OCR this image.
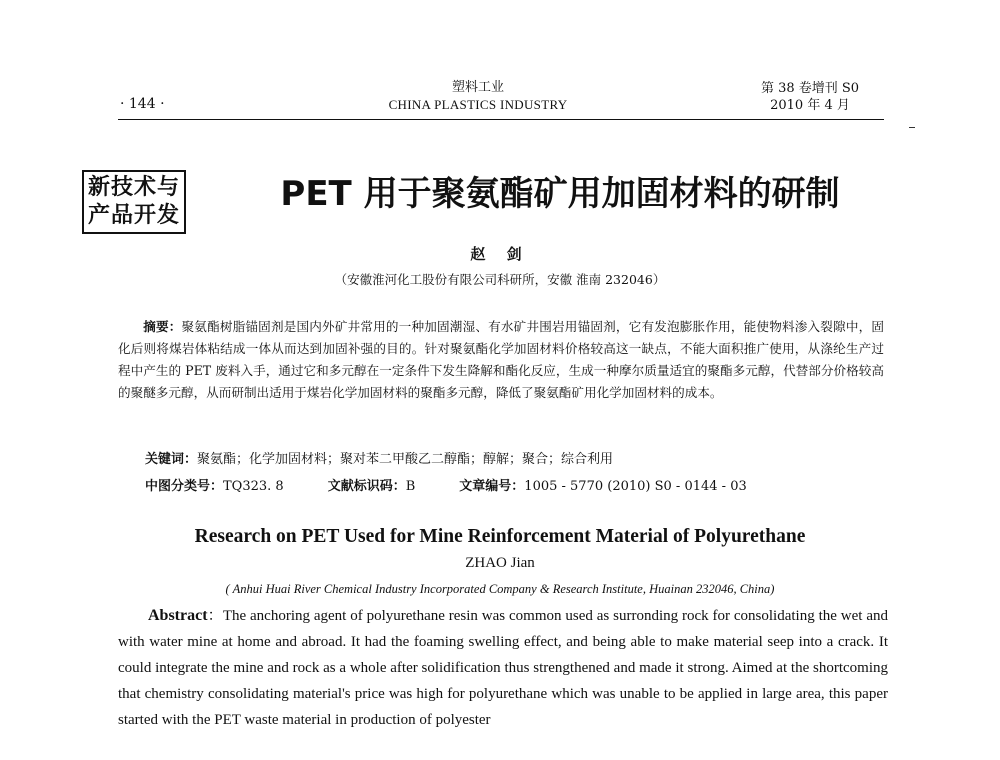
· 144 ·
塑料工业
CHINA PLASTICS INDUSTRY
第 38 卷增刊 S0
2010 年 4 月
新技术与
产品开发
PET 用于聚氨酯矿用加固材料的研制
赵 剑
（安徽淮河化工股份有限公司科研所，安徽 淮南 232046）

摘要：聚氨酯树脂锚固剂是国内外矿井常用的一种加固潮湿、有水矿井围岩用锚固剂，它有发泡膨胀作用，能使物料渗入裂隙中，固化后则将煤岩体粘结成一体从而达到加固补强的目的。针对聚氨酯化学加固材料价格较高这一缺点，不能大面积推广使用，从涤纶生产过程中产生的 PET 废料入手，通过它和多元醇在一定条件下发生降解和酯化反应，生成一种摩尔质量适宜的聚酯多元醇，代替部分价格较高的聚醚多元醇，从而研制出适用于煤岩化学加固材料的聚酯多元醇，降低了聚氨酯矿用化学加固材料的成本。

关键词：聚氨酯；化学加固材料；聚对苯二甲酸乙二醇酯；醇解；聚合；综合利用
中图分类号：TQ323. 8	文献标识码：B	文章编号：1005 - 5770 (2010) S0 - 0144 - 03
Research on PET Used for Mine Reinforcement Material of Polyurethane
ZHAO Jian
( Anhui Huai River Chemical Industry Incorporated Company & Research Institute, Huainan 232046, China)

Abstract：The anchoring agent of polyurethane resin was common used as surronding rock for consolidating the wet and with water mine at home and abroad. It had the foaming swelling effect, and being able to make material seep into a crack. It could integrate the mine and rock as a whole after solidification thus strengthened and made it strong. Aimed at the shortcoming that chemistry consolidating material's price was high for polyurethane which was unable to be applied in large area, this paper started with the PET waste material in production of polyester
